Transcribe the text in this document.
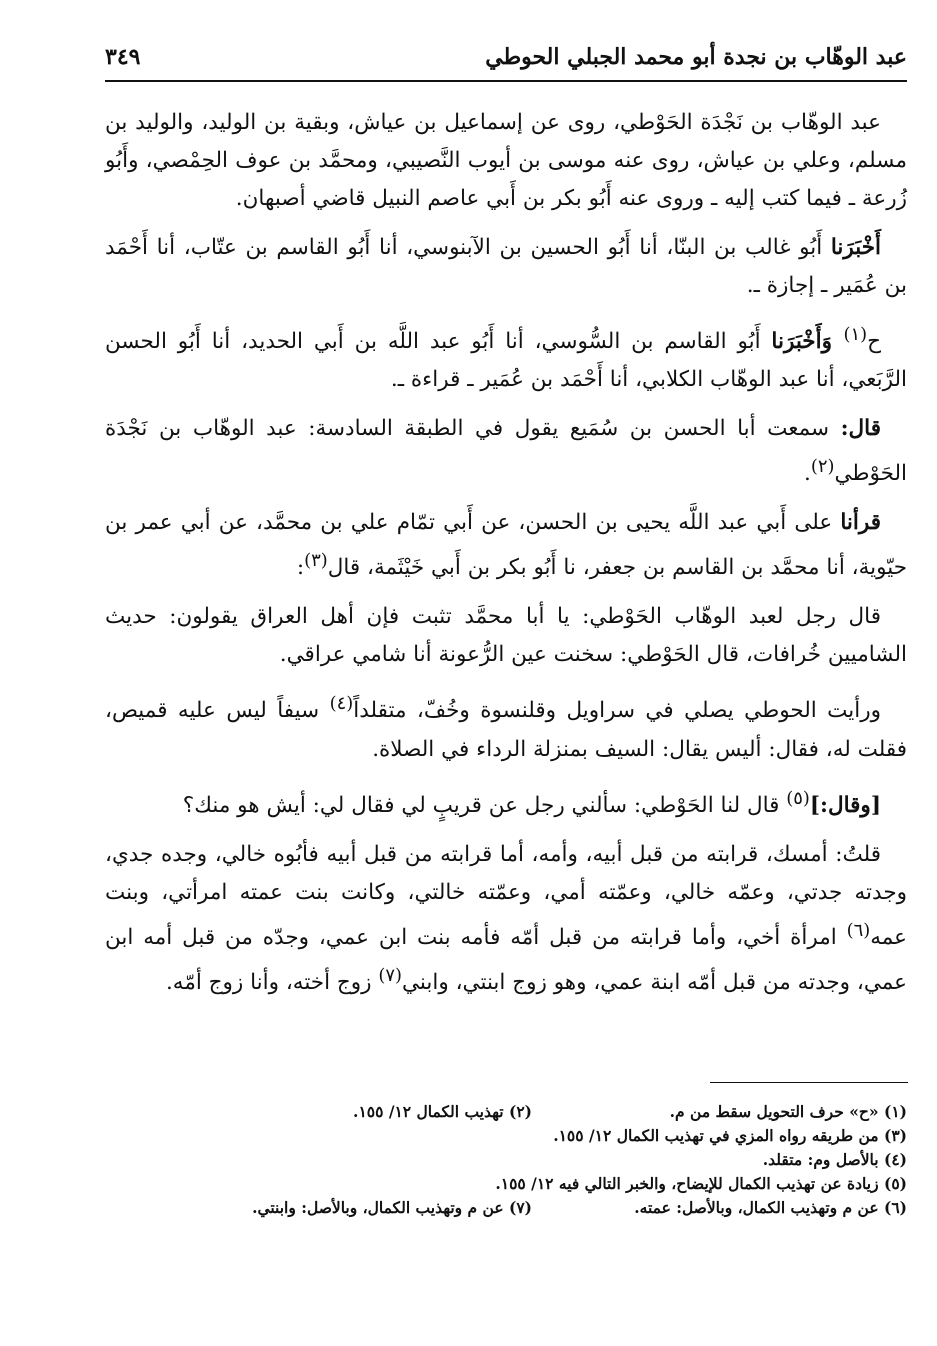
عبد الوهّاب بن نجدة أبو محمد الجبلي الحوطي
٣٤٩

عبد الوهّاب بن نَجْدَة الحَوْطي، روى عن إسماعيل بن عياش، وبقية بن الوليد، والوليد بن مسلم، وعلي بن عياش، روى عنه موسى بن أيوب النَّصيبي، ومحمَّد بن عوف الحِمْصي، وأَبُو زُرعة ـ فيما كتب إليه ـ وروى عنه أَبُو بكر بن أَبي عاصم النبيل قاضي أصبهان.

أَخْبَرَنا أَبُو غالب بن البنّا، أنا أَبُو الحسين بن الآبنوسي، أنا أَبُو القاسم بن عتّاب، أنا أَحْمَد بن عُمَير ـ إجازة ـ.

ح$^{(١)}$ وَأَخْبَرَنا أَبُو القاسم بن السُّوسي، أنا أَبُو عبد اللَّه بن أَبي الحديد، أنا أَبُو الحسن الرَّبَعي، أنا عبد الوهّاب الكلابي، أنا أَحْمَد بن عُمَير ـ قراءة ـ.

قال: سمعت أبا الحسن بن سُمَيع يقول في الطبقة السادسة: عبد الوهّاب بن نَجْدَة الحَوْطي$^{(٢)}$.

قرأنا على أَبي عبد اللَّه يحيى بن الحسن، عن أَبي تمّام علي بن محمَّد، عن أبي عمر بن حيّوية، أنا محمَّد بن القاسم بن جعفر، نا أَبُو بكر بن أَبي خَيْثَمة، قال$^{(٣)}$:

قال رجل لعبد الوهّاب الحَوْطي: يا أبا محمَّد تثبت فإن أهل العراق يقولون: حديث الشاميين خُرافات، قال الحَوْطي: سخنت عين الرُّعونة أنا شامي عراقي.

ورأيت الحوطي يصلي في سراويل وقلنسوة وخُفّ، متقلداً$^{(٤)}$ سيفاً ليس عليه قميص، فقلت له، فقال: أليس يقال: السيف بمنزلة الرداء في الصلاة.

[وقال:]$^{(٥)}$ قال لنا الحَوْطي: سألني رجل عن قريبٍ لي فقال لي: أيش هو منك؟

قلتُ: أمسك، قرابته من قبل أبيه، وأمه، أما قرابته من قبل أبيه فأبُوه خالي، وجده جدي، وجدته جدتي، وعمّه خالي، وعمّته أمي، وعمّته خالتي، وكانت بنت عمته امرأتي، وبنت عمه$^{(٦)}$ امرأة أخي، وأما قرابته من قبل أمّه فأمه بنت ابن عمي، وجدّه من قبل أمه ابن عمي، وجدته من قبل أمّه ابنة عمي، وهو زوج ابنتي، وابني$^{(٧)}$ زوج أخته، وأنا زوج أمّه.

(١) «ح» حرف التحويل سقط من م.
(٢) تهذيب الكمال ١٢/ ١٥٥.
(٣) من طريقه رواه المزي في تهذيب الكمال ١٢/ ١٥٥.
(٤) بالأصل وم: متقلد.
(٥) زيادة عن تهذيب الكمال للإيضاح، والخبر التالي فيه ١٢/ ١٥٥.
(٦) عن م وتهذيب الكمال، وبالأصل: عمته.
(٧) عن م وتهذيب الكمال، وبالأصل: وابنتي.
